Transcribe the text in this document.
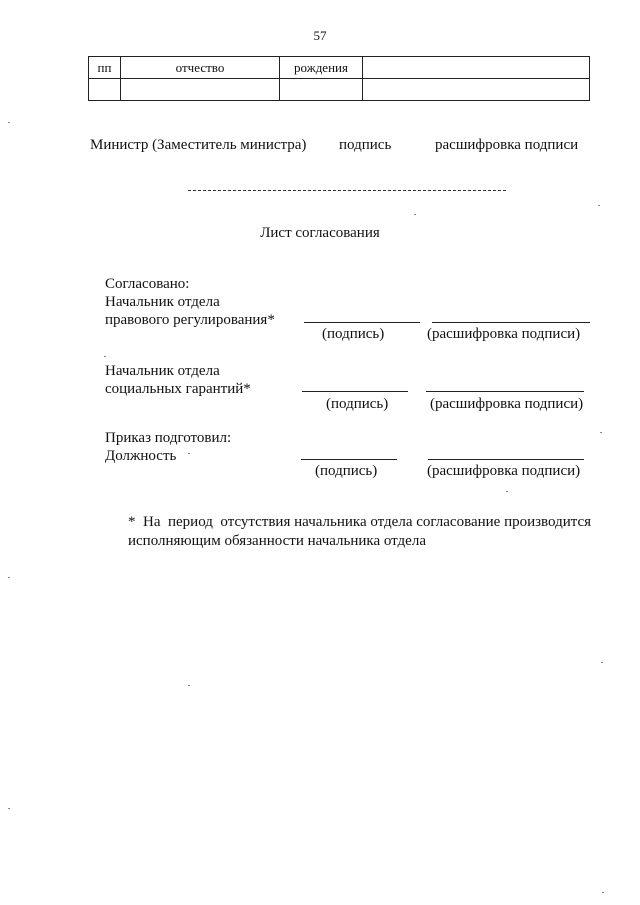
57
пп	отчество	рождения	

Министр (Заместитель министра) подпись	расшифровка подписи
Лист согласования
Согласовано:
Начальник отдела
правового регулирования*
(подпись)	(расшифровка подписи)
Начальник отдела
социальных гарантий*
(подпись)	(расшифровка подписи)
Приказ подготовил:
Должность
(подпись)	(расшифровка подписи)
*  На  период  отсутствия начальника отдела согласование производится
исполняющим обязанности начальника отдела
